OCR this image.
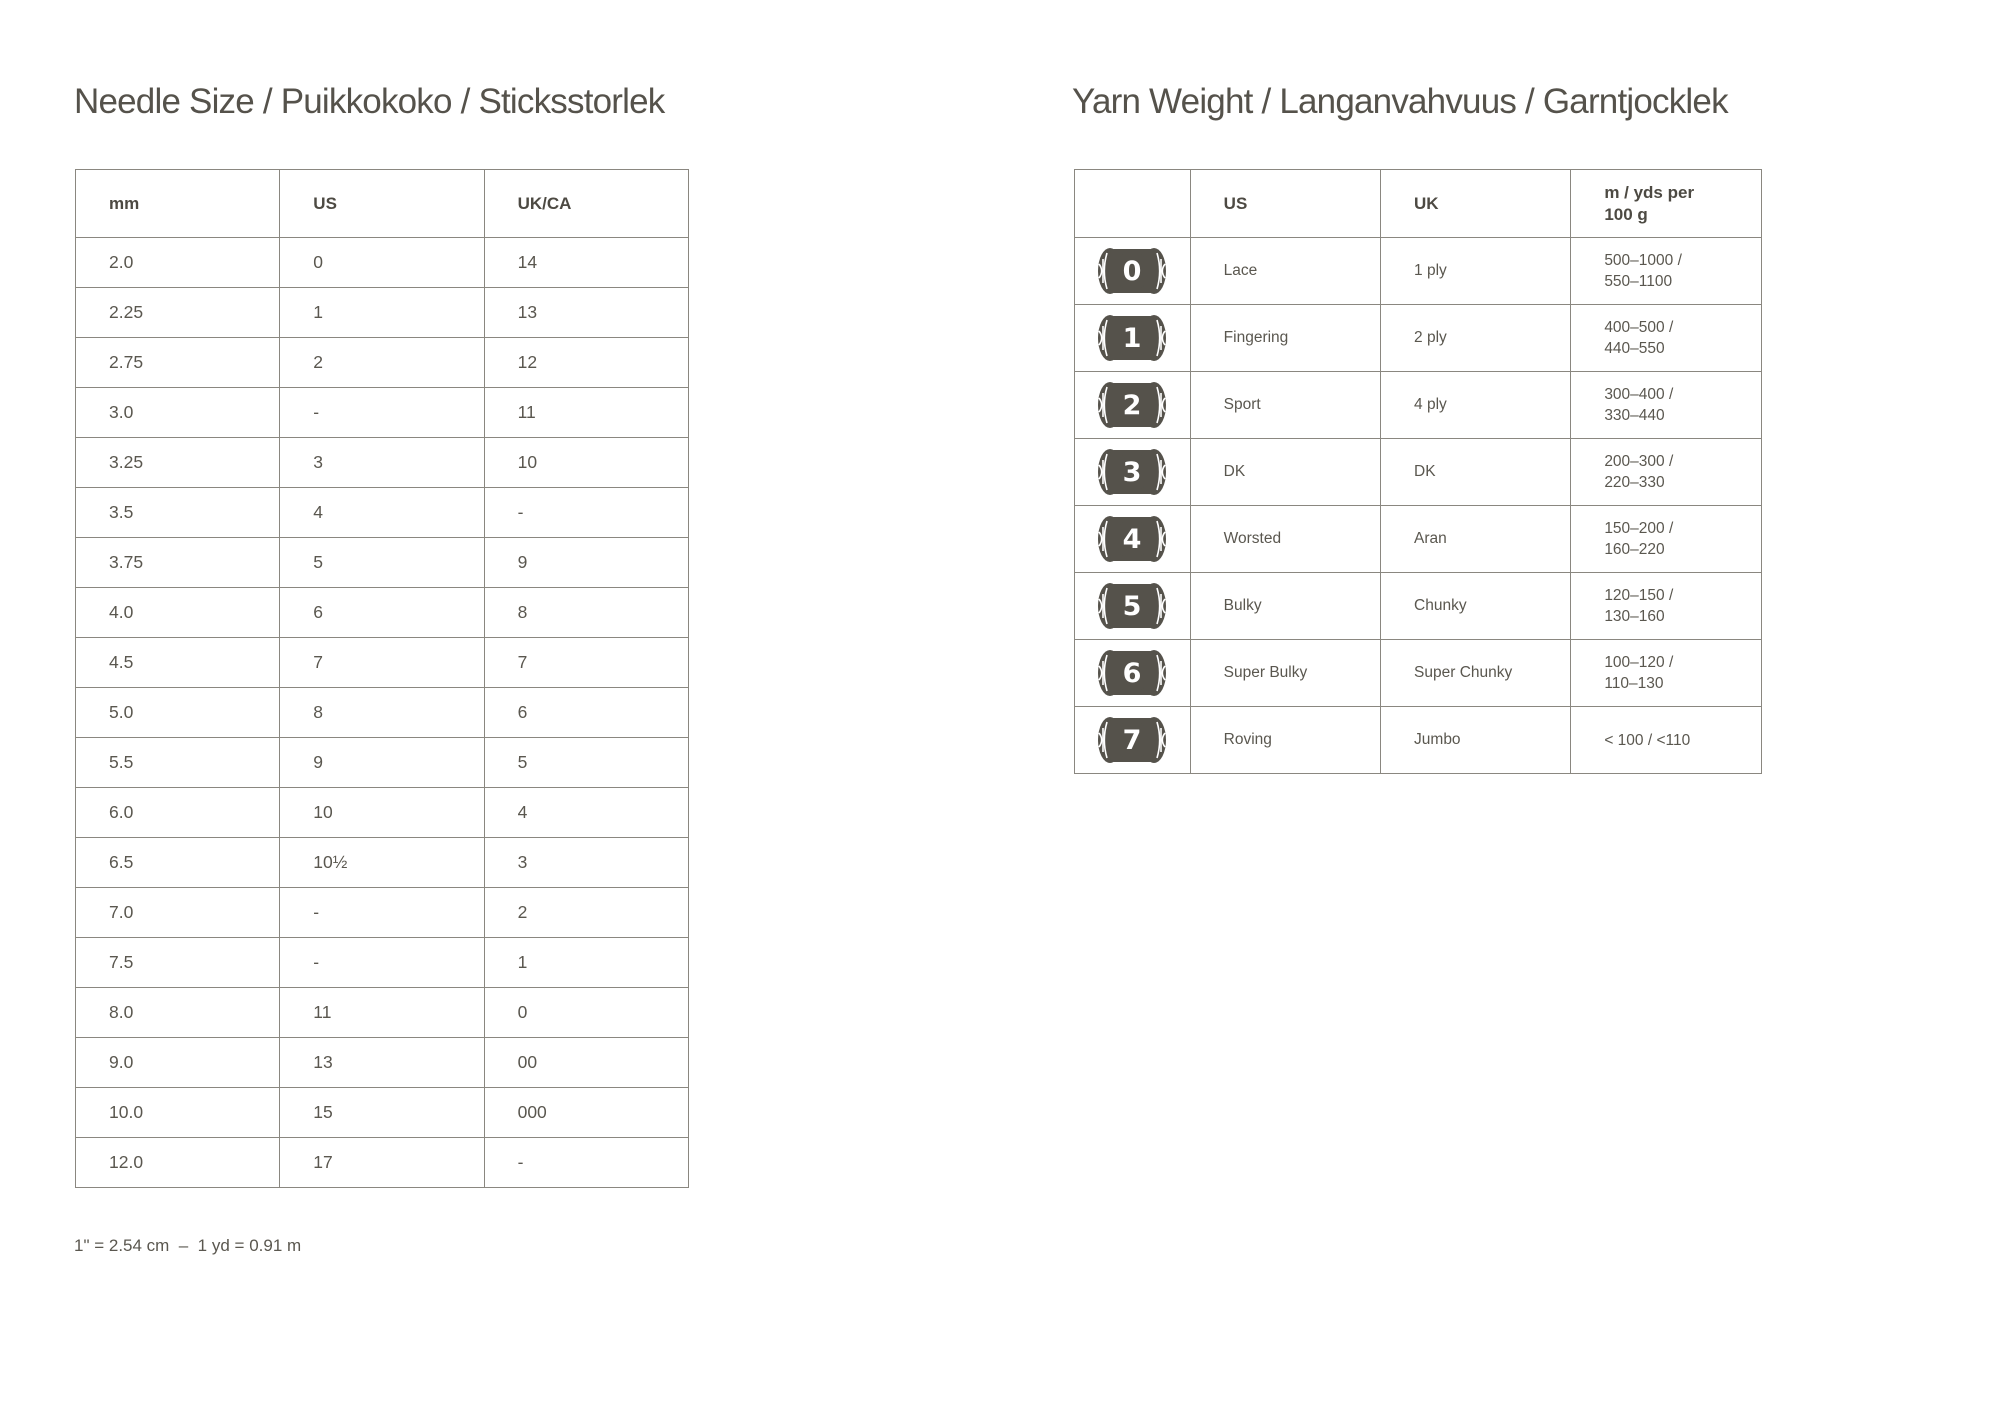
Needle Size / Puikkokoko / Sticksstorlek
mm	US	UK/CA
2.0	0	14
2.25	1	13
2.75	2	12
3.0	-	11
3.25	3	10
3.5	4	-
3.75	5	9
4.0	6	8
4.5	7	7
5.0	8	6
5.5	9	5
6.0	10	4
6.5	10½	3
7.0	-	2
7.5	-	1
8.0	11	0
9.0	13	00
10.0	15	000
12.0	17	-
Yarn Weight / Langanvahvuus / Garntjocklek
	US	UK	m / yds per
100 g

0	Lace	1 ply	500–1000 /
550–1100

1	Fingering	2 ply	400–500 /
440–550

2	Sport	4 ply	300–400 /
330–440

3	DK	DK	200–300 /
220–330

4	Worsted	Aran	150–200 /
160–220

5	Bulky	Chunky	120–150 /
130–160

6	Super Bulky	Super Chunky	100–120 /
110–130

7	Roving	Jumbo	< 100 / <110
1" = 2.54 cm  –  1 yd = 0.91 m
